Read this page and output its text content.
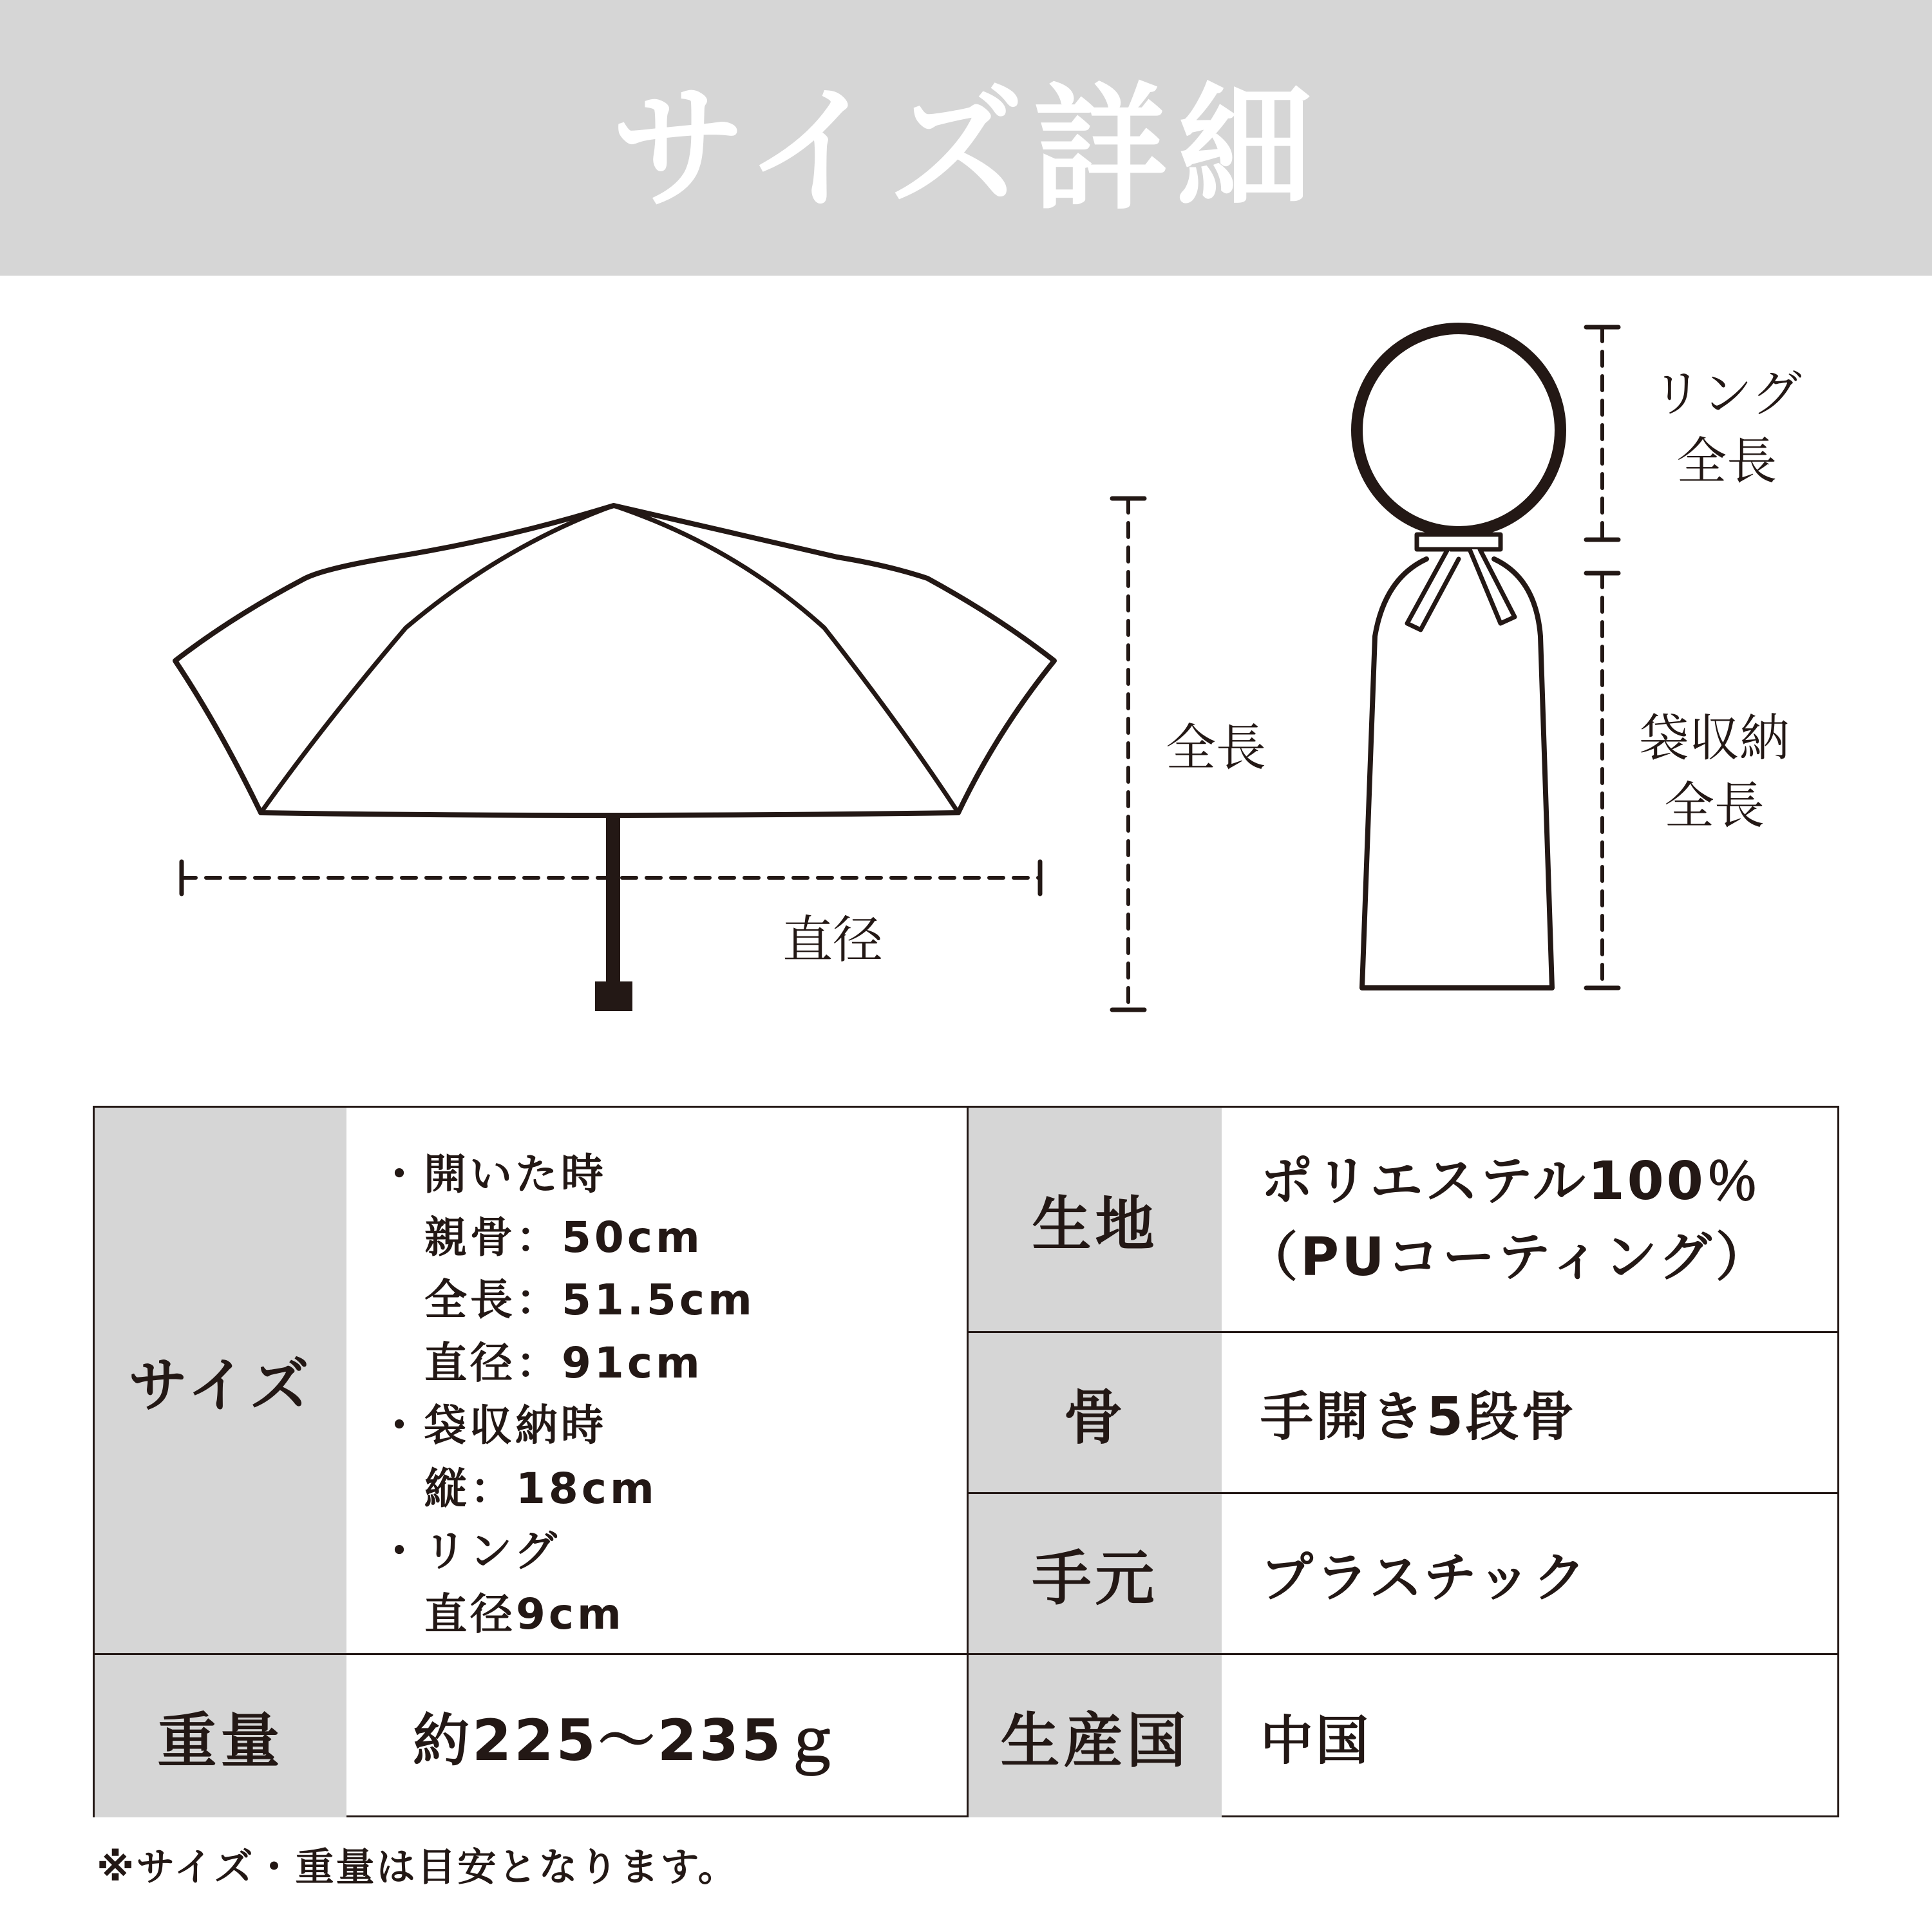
サイズ詳細
直径
全長
リング
全長
袋収納
全長
サイズ
重量
生地
骨
手元
生産国
・開いた時
親骨：50cm
全長：51.5cm
直径：91cm
・袋収納時
縦：18cm
・リング
直径9cm
約225～235ｇ
ポリエステル100％
（PUコーティング）
手開き5段骨
プラスチック
中国
※サイズ・重量は目安となります。
